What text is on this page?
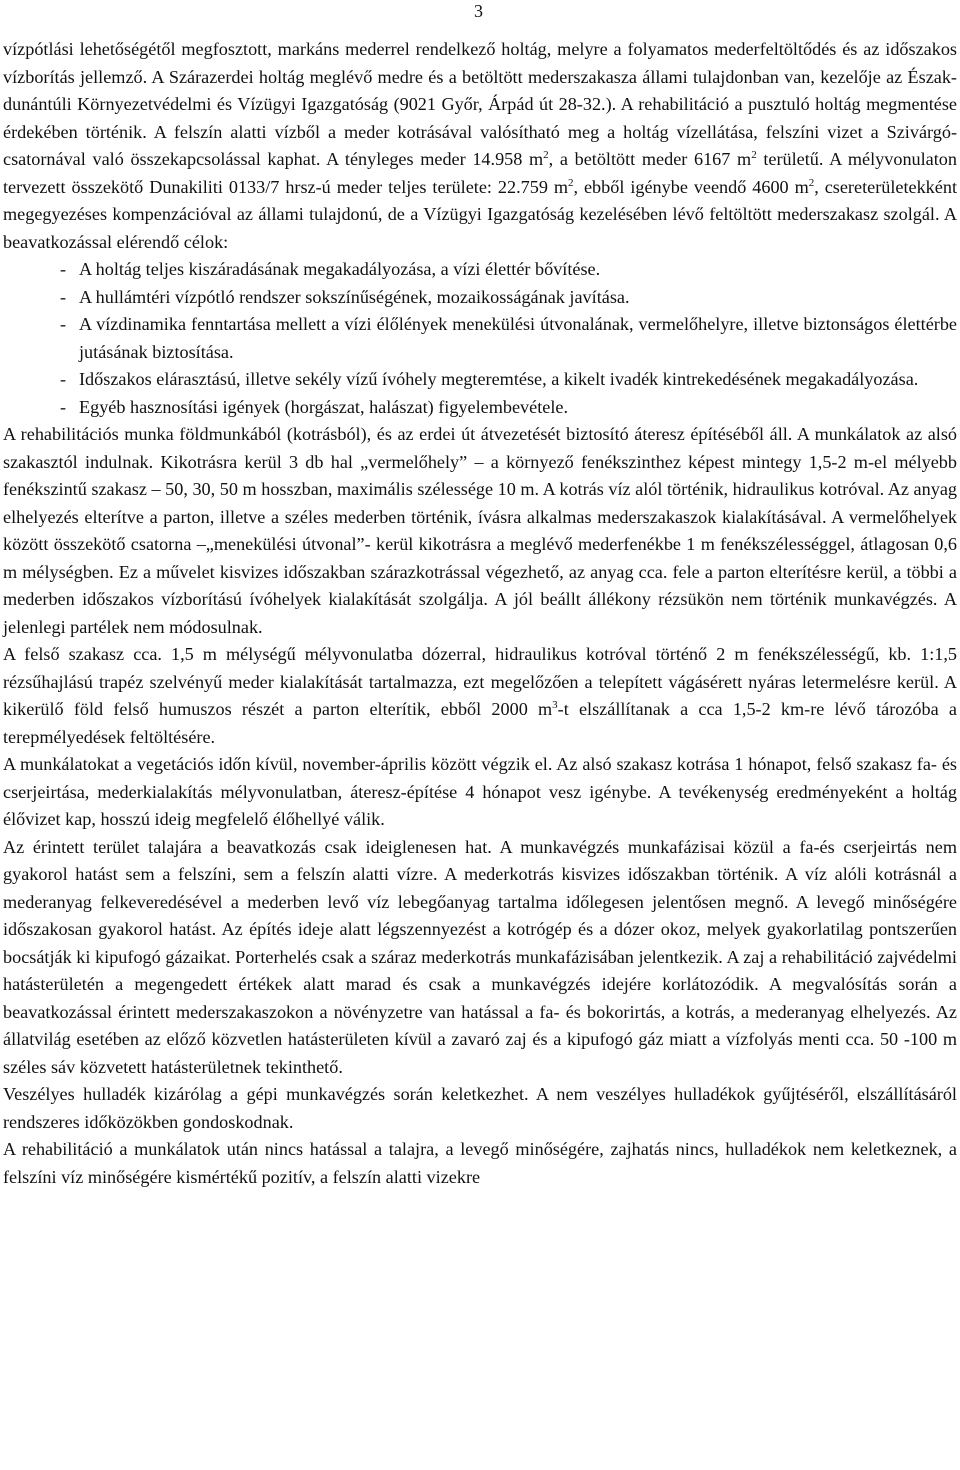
3

vízpótlási lehetőségétől megfosztott, markáns mederrel rendelkező holtág, melyre a folyamatos mederfeltöltődés és az időszakos vízborítás jellemző. A Szárazerdei holtág meglévő medre és a betöltött mederszakasza állami tulajdonban van, kezelője az Észak-dunántúli Környezetvédelmi és Vízügyi Igazgatóság (9021 Győr, Árpád út 28-32.). A rehabilitáció a pusztuló holtág megmentése érdekében történik. A felszín alatti vízből a meder kotrásával valósítható meg a holtág vízellátása, felszíni vizet a Szivárgó-csatornával való összekapcsolással kaphat. A tényleges meder 14.958 $m^2$, a betöltött meder 6167 $m^2$ területű. A mélyvonulaton tervezett összekötő Dunakiliti 0133/7 hrsz-ú meder teljes területe: 22.759 $m^2$, ebből igénybe veendő 4600 $m^2$, csereterületekként megegyezéses kompenzációval az állami tulajdonú, de a Vízügyi Igazgatóság kezelésében lévő feltöltött mederszakasz szolgál. A beavatkozással elérendő célok:

- A holtág teljes kiszáradásának megakadályozása, a vízi élettér bővítése.
- A hullámtéri vízpótló rendszer sokszínűségének, mozaikosságának javítása.
- A vízdinamika fenntartása mellett a vízi élőlények menekülési útvonalának, vermelőhelyre, illetve biztonságos élettérbe jutásának biztosítása.
- Időszakos elárasztású, illetve sekély vízű ívóhely megteremtése, a kikelt ivadék kintrekedésének megakadályozása.
- Egyéb hasznosítási igények (horgászat, halászat) figyelembevétele.

A rehabilitációs munka földmunkából (kotrásból), és az erdei út átvezetését biztosító áteresz építéséből áll. A munkálatok az alsó szakasztól indulnak. Kikotrásra kerül 3 db hal „vermelőhely” – a környező fenékszinthez képest mintegy 1,5-2 m-el mélyebb fenékszintű szakasz – 50, 30, 50 m hosszban, maximális szélessége 10 m. A kotrás víz alól történik, hidraulikus kotróval. Az anyag elhelyezés elterítve a parton, illetve a széles mederben történik, ívásra alkalmas mederszakaszok kialakításával. A vermelőhelyek között összekötő csatorna –„menekülési útvonal”- kerül kikotrásra a meglévő mederfenékbe 1 m fenékszélességgel, átlagosan 0,6 m mélységben. Ez a művelet kisvizes időszakban szárazkotrással végezhető, az anyag cca. fele a parton elterítésre kerül, a többi a mederben időszakos vízborítású ívóhelyek kialakítását szolgálja. A jól beállt állékony rézsükön nem történik munkavégzés. A jelenlegi partélek nem módosulnak.

A felső szakasz cca. 1,5 m mélységű mélyvonulatba dózerral, hidraulikus kotróval történő 2 m fenékszélességű, kb. 1:1,5 rézsűhajlású trapéz szelvényű meder kialakítását tartalmazza, ezt megelőzően a telepített vágásérett nyáras letermelésre kerül. A kikerülő föld felső humuszos részét a parton elterítik, ebből 2000 $m^3-t$ elszállítanak a cca 1,5-2 km-re lévő tározóba a terepmélyedések feltöltésére.

A munkálatokat a vegetációs időn kívül, november-április között végzik el. Az alsó szakasz kotrása 1 hónapot, felső szakasz fa- és cserjeirtása, mederkialakítás mélyvonulatban, áteresz-építése 4 hónapot vesz igénybe. A tevékenység eredményeként a holtág élővizet kap, hosszú ideig megfelelő élőhellyé válik.

Az érintett terület talajára a beavatkozás csak ideiglenesen hat. A munkavégzés munkafázisai közül a fa-és cserjeirtás nem gyakorol hatást sem a felszíni, sem a felszín alatti vízre. A mederkotrás kisvizes időszakban történik. A víz alóli kotrásnál a mederanyag felkeveredésével a mederben levő víz lebegőanyag tartalma időlegesen jelentősen megnő. A levegő minőségére időszakosan gyakorol hatást. Az építés ideje alatt légszennyezést a kotrógép és a dózer okoz, melyek gyakorlatilag pontszerűen bocsátják ki kipufogó gázaikat. Porterhelés csak a száraz mederkotrás munkafázisában jelentkezik. A zaj a rehabilitáció zajvédelmi hatásterületén a megengedett értékek alatt marad és csak a munkavégzés idejére korlátozódik. A megvalósítás során a beavatkozással érintett mederszakaszokon a növényzetre van hatással a fa- és bokorirtás, a kotrás, a mederanyag elhelyezés. Az állatvilág esetében az előző közvetlen hatásterületen kívül a zavaró zaj és a kipufogó gáz miatt a vízfolyás menti cca. 50 -100 m széles sáv közvetett hatásterületnek tekinthető.

Veszélyes hulladék kizárólag a gépi munkavégzés során keletkezhet. A nem veszélyes hulladékok gyűjtéséről, elszállításáról rendszeres időközökben gondoskodnak.

A rehabilitáció a munkálatok után nincs hatással a talajra, a levegő minőségére, zajhatás nincs, hulladékok nem keletkeznek, a felszíni víz minőségére kismértékű pozitív, a felszín alatti vizekre
